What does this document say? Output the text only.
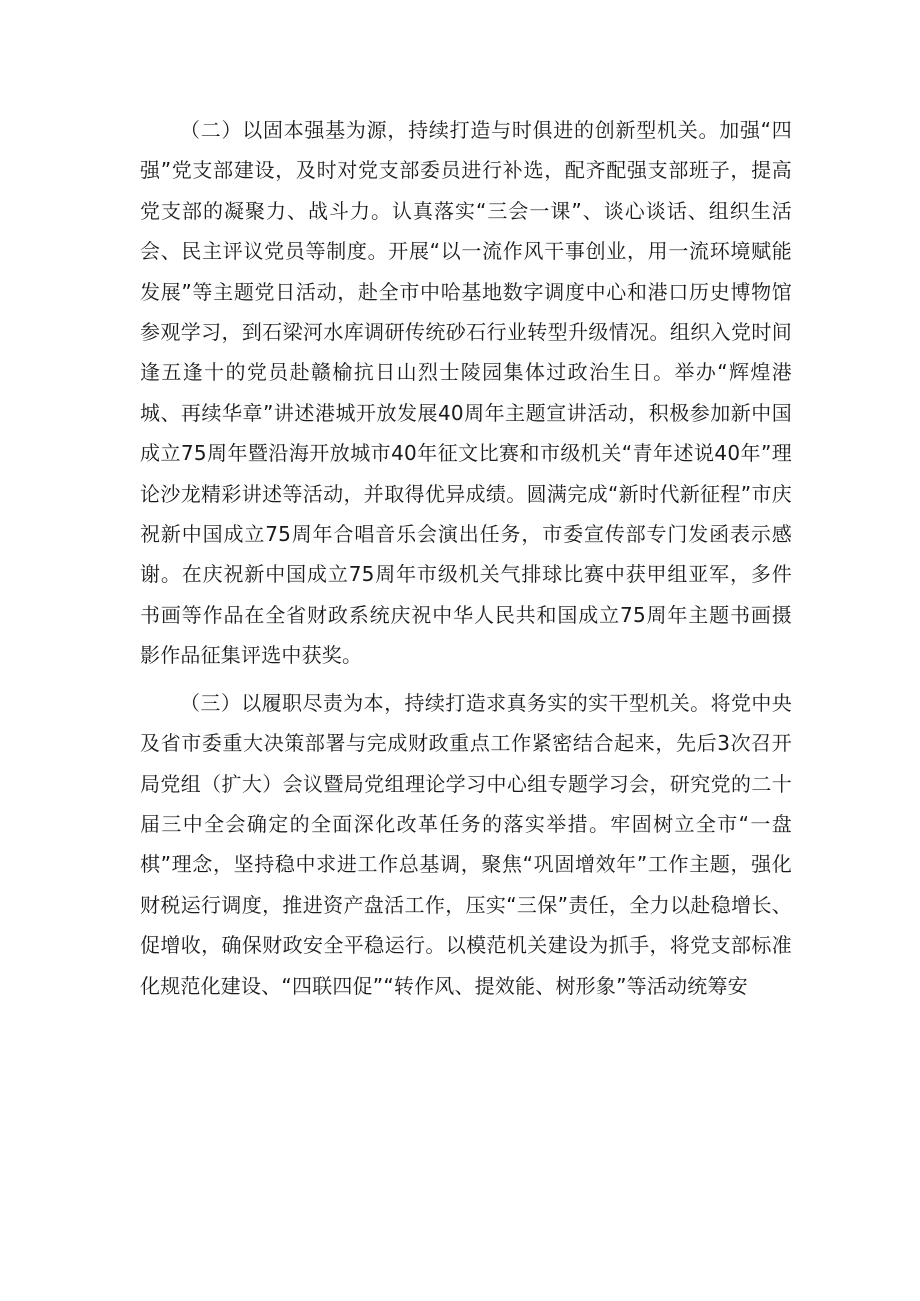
（二）以固本强基为源，持续打造与时俱进的创新型机关。加强“四强”党支部建设，及时对党支部委员进行补选，配齐配强支部班子，提高党支部的凝聚力、战斗力。认真落实“三会一课”、谈心谈话、组织生活会、民主评议党员等制度。开展“以一流作风干事创业，用一流环境赋能发展”等主题党日活动，赴全市中哈基地数字调度中心和港口历史博物馆参观学习，到石梁河水库调研传统砂石行业转型升级情况。组织入党时间逢五逢十的党员赴赣榆抗日山烈士陵园集体过政治生日。举办“辉煌港城、再续华章”讲述港城开放发展40周年主题宣讲活动，积极参加新中国成立75周年暨沿海开放城市40年征文比赛和市级机关“青年述说40年”理论沙龙精彩讲述等活动，并取得优异成绩。圆满完成“新时代新征程”市庆祝新中国成立75周年合唱音乐会演出任务，市委宣传部专门发函表示感谢。在庆祝新中国成立75周年市级机关气排球比赛中获甲组亚军，多件书画等作品在全省财政系统庆祝中华人民共和国成立75周年主题书画摄影作品征集评选中获奖。

（三）以履职尽责为本，持续打造求真务实的实干型机关。将党中央及省市委重大决策部署与完成财政重点工作紧密结合起来，先后3次召开局党组（扩大）会议暨局党组理论学习中心组专题学习会，研究党的二十届三中全会确定的全面深化改革任务的落实举措。牢固树立全市“一盘棋”理念，坚持稳中求进工作总基调，聚焦“巩固增效年”工作主题，强化财税运行调度，推进资产盘活工作，压实“三保”责任，全力以赴稳增长、促增收，确保财政安全平稳运行。以模范机关建设为抓手，将党支部标准化规范化建设、“四联四促”“转作风、提效能、树形象”等活动统筹安
